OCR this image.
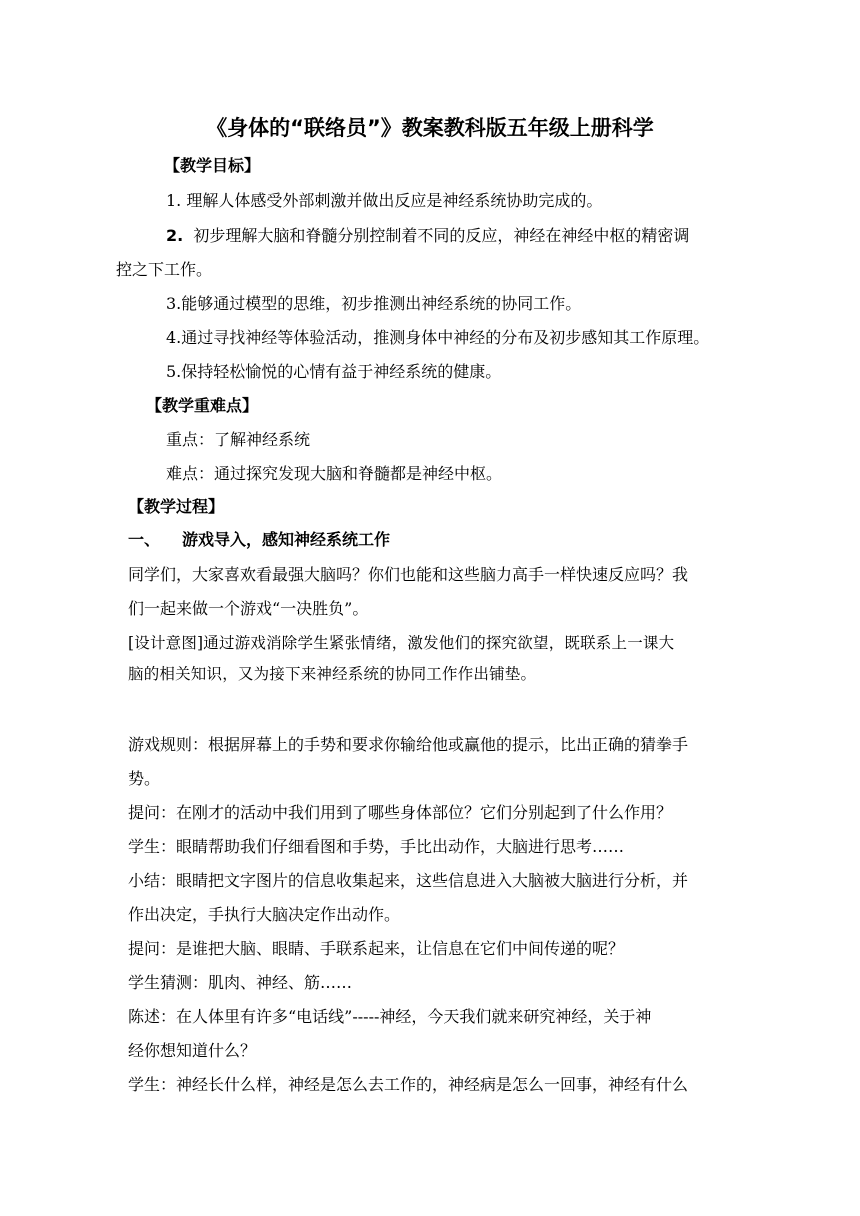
《身体的“联络员”》教案教科版五年级上册科学

【教学目标】

1. 理解人体感受外部刺激并做出反应是神经系统协助完成的。

2. 初步理解大脑和脊髓分别控制着不同的反应，神经在神经中枢的精密调

控之下工作。

3.能够通过模型的思维，初步推测出神经系统的协同工作。

4.通过寻找神经等体验活动，推测身体中神经的分布及初步感知其工作原理。

5.保持轻松愉悦的心情有益于神经系统的健康。

【教学重难点】

重点：了解神经系统

难点：通过探究发现大脑和脊髓都是神经中枢。

【教学过程】

一、 游戏导入，感知神经系统工作

同学们，大家喜欢看最强大脑吗？你们也能和这些脑力高手一样快速反应吗？我

们一起来做一个游戏“一决胜负”。

[设计意图]通过游戏消除学生紧张情绪，激发他们的探究欲望，既联系上一课大

脑的相关知识，又为接下来神经系统的协同工作作出铺垫。

游戏规则：根据屏幕上的手势和要求你输给他或赢他的提示，比出正确的猜拳手

势。

提问：在刚才的活动中我们用到了哪些身体部位？它们分别起到了什么作用？

学生：眼睛帮助我们仔细看图和手势，手比出动作，大脑进行思考……

小结：眼睛把文字图片的信息收集起来，这些信息进入大脑被大脑进行分析，并

作出决定，手执行大脑决定作出动作。

提问：是谁把大脑、眼睛、手联系起来，让信息在它们中间传递的呢？

学生猜测：肌肉、神经、筋……

陈述：在人体里有许多“电话线”-----神经，今天我们就来研究神经，关于神

经你想知道什么？

学生：神经长什么样，神经是怎么去工作的，神经病是怎么一回事，神经有什么
